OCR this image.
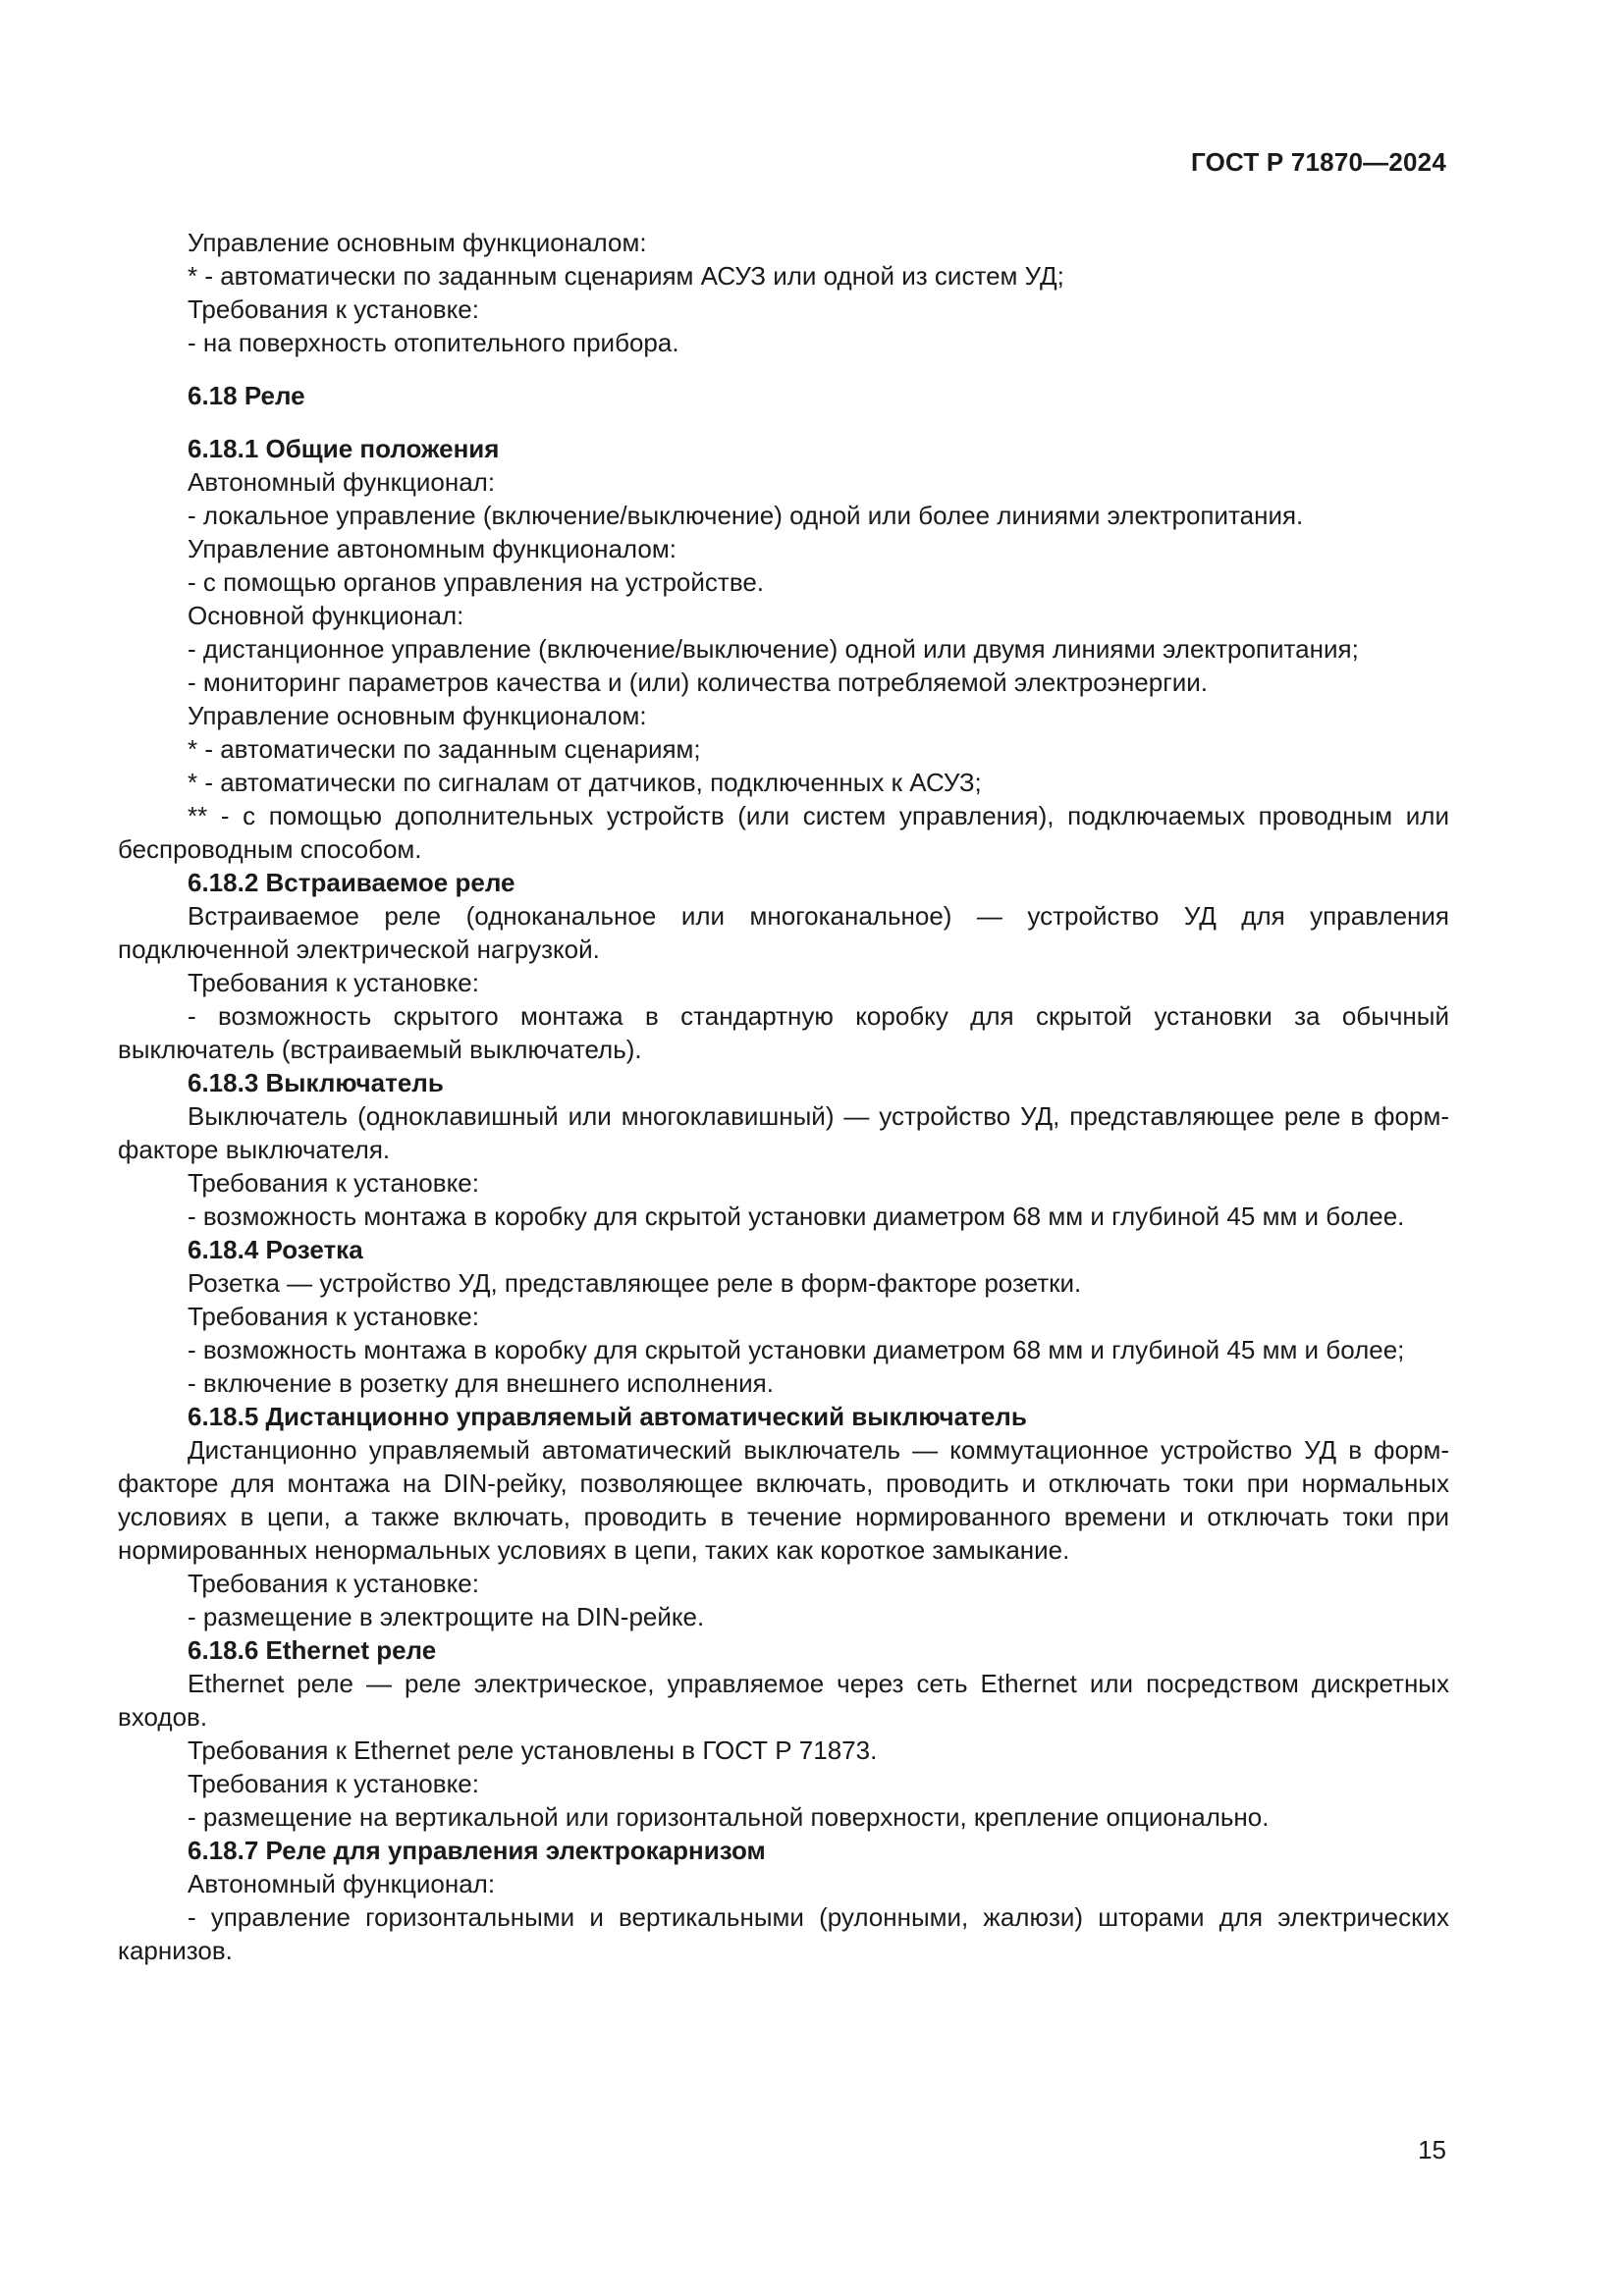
ГОСТ Р 71870—2024

Управление основным функционалом:

* - автоматически по заданным сценариям АСУЗ или одной из систем УД;

Требования к установке:

- на поверхность отопительного прибора.

6.18 Реле
6.18.1 Общие положения

Автономный функционал:

- локальное управление (включение/выключение) одной или более линиями электропитания.

Управление автономным функционалом:

- с помощью органов управления на устройстве.

Основной функционал:

- дистанционное управление (включение/выключение) одной или двумя линиями электропитания;

- мониторинг параметров качества и (или) количества потребляемой электроэнергии.

Управление основным функционалом:

* - автоматически по заданным сценариям;

* - автоматически по сигналам от датчиков, подключенных к АСУЗ;

** - с помощью дополнительных устройств (или систем управления), подключаемых проводным или беспроводным способом.

6.18.2 Встраиваемое реле

Встраиваемое реле (одноканальное или многоканальное) — устройство УД для управления подключенной электрической нагрузкой.

Требования к установке:

- возможность скрытого монтажа в стандартную коробку для скрытой установки за обычный выключатель (встраиваемый выключатель).

6.18.3 Выключатель

Выключатель (одноклавишный или многоклавишный) — устройство УД, представляющее реле в форм-факторе выключателя.

Требования к установке:

- возможность монтажа в коробку для скрытой установки диаметром 68 мм и глубиной 45 мм и более.

6.18.4 Розетка

Розетка — устройство УД, представляющее реле в форм-факторе розетки.

Требования к установке:

- возможность монтажа в коробку для скрытой установки диаметром 68 мм и глубиной 45 мм и более;

- включение в розетку для внешнего исполнения.

6.18.5 Дистанционно управляемый автоматический выключатель

Дистанционно управляемый автоматический выключатель — коммутационное устройство УД в форм-факторе для монтажа на DIN-рейку, позволяющее включать, проводить и отключать токи при нормальных условиях в цепи, а также включать, проводить в течение нормированного времени и отключать токи при нормированных ненормальных условиях в цепи, таких как короткое замыкание.

Требования к установке:

- размещение в электрощите на DIN-рейке.

6.18.6 Ethernet реле

Ethernet реле — реле электрическое, управляемое через сеть Ethernet или посредством дискретных входов.

Требования к Ethernet реле установлены в ГОСТ Р 71873.

Требования к установке:

- размещение на вертикальной или горизонтальной поверхности, крепление опционально.

6.18.7 Реле для управления электрокарнизом

Автономный функционал:

- управление горизонтальными и вертикальными (рулонными, жалюзи) шторами для электрических карнизов.

15
